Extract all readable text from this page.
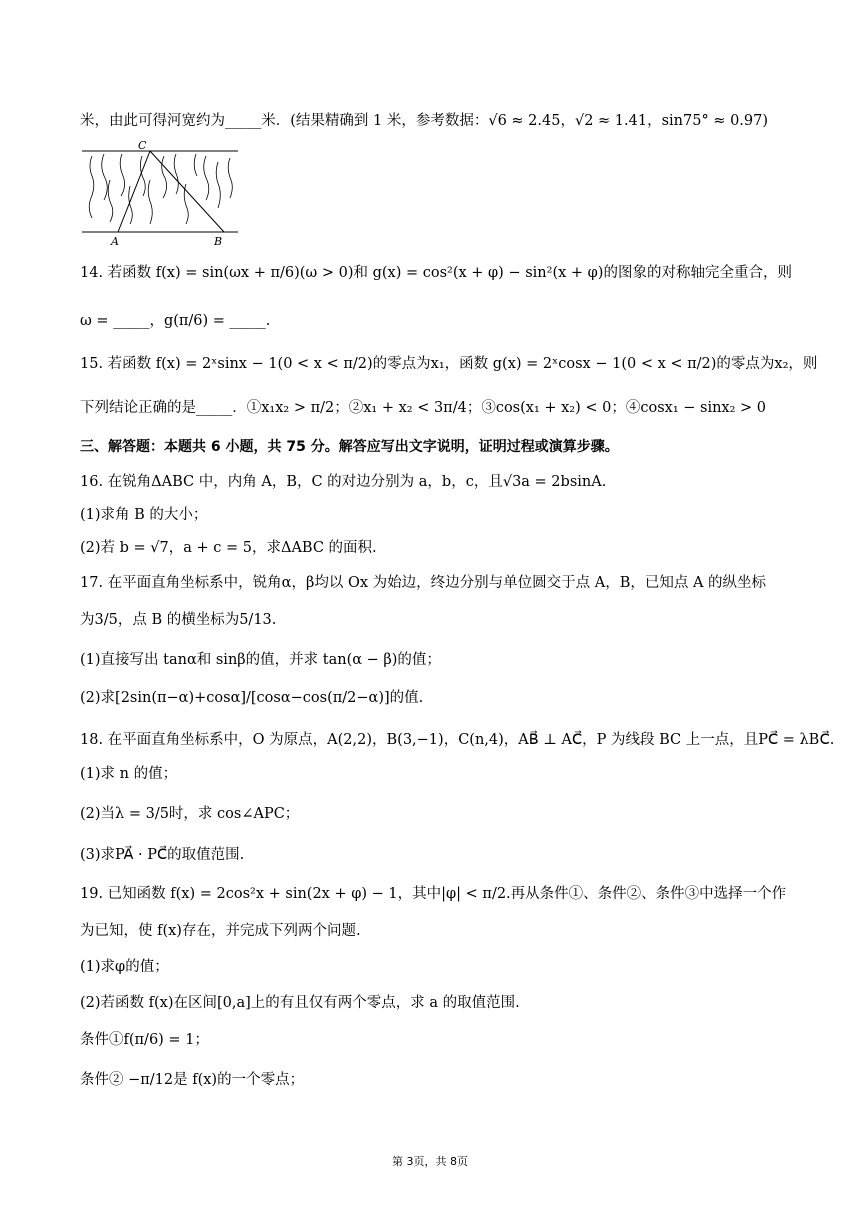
米，由此可得河宽约为_____米．(结果精确到 1 米，参考数据：√6 ≈ 2.45，√2 ≈ 1.41，sin75° ≈ 0.97)
C
A	B
14. 若函数 f(x) = sin(ωx + π/6)(ω > 0)和 g(x) = cos²(x + φ) − sin²(x + φ)的图象的对称轴完全重合，则
ω = _____，g(π/6) = _____.
15. 若函数 f(x) = 2ˣsinx − 1(0 < x < π/2)的零点为x₁，函数 g(x) = 2ˣcosx − 1(0 < x < π/2)的零点为x₂，则
下列结论正确的是_____．①x₁x₂ > π/2；②x₁ + x₂ < 3π/4；③cos(x₁ + x₂) < 0；④cosx₁ − sinx₂ > 0
三、解答题：本题共 6 小题，共 75 分。解答应写出文字说明，证明过程或演算步骤。
16. 在锐角ΔABC 中，内角 A，B，C 的对边分别为 a，b，c，且√3a = 2bsinA.
(1)求角 B 的大小；
(2)若 b = √7，a + c = 5，求ΔABC 的面积.
17. 在平面直角坐标系中，锐角α，β均以 Ox 为始边，终边分别与单位圆交于点 A，B，已知点 A 的纵坐标
为3/5，点 B 的横坐标为5/13.
(1)直接写出 tanα和 sinβ的值，并求 tan(α − β)的值；
(2)求[2sin(π−α)+cosα]/[cosα−cos(π/2−α)]的值.
18. 在平面直角坐标系中，O 为原点，A(2,2)，B(3,−1)，C(n,4)，AB⃗ ⊥ AC⃗，P 为线段 BC 上一点，且PC⃗ = λBC⃗.
(1)求 n 的值；
(2)当λ = 3/5时，求 cos∠APC；
(3)求PA⃗ · PC⃗的取值范围.
19. 已知函数 f(x) = 2cos²x + sin(2x + φ) − 1，其中|φ| < π/2.再从条件①、条件②、条件③中选择一个作
为已知，使 f(x)存在，并完成下列两个问题.
(1)求φ的值；
(2)若函数 f(x)在区间[0,a]上的有且仅有两个零点，求 a 的取值范围.
条件①f(π/6) = 1；
条件② −π/12是 f(x)的一个零点；
第 3页，共 8页
